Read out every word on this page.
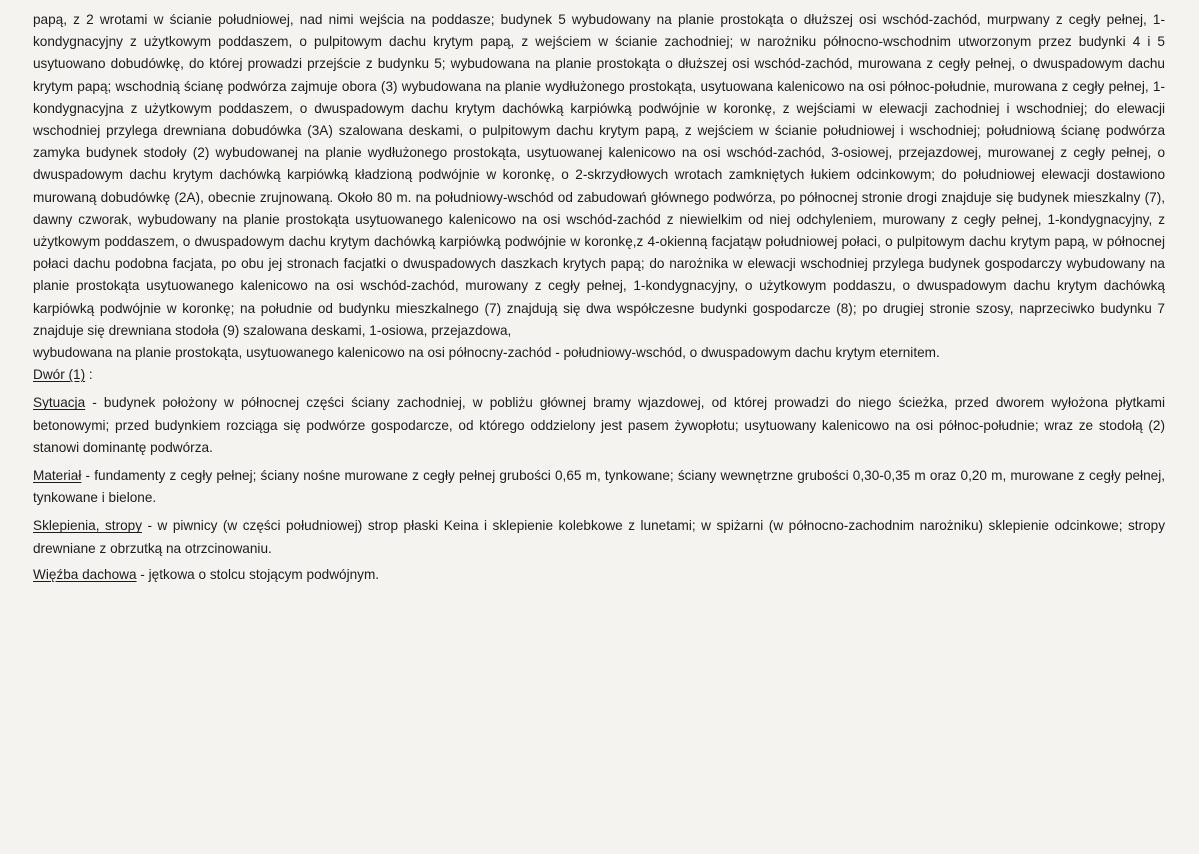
papą, z 2 wrotami w ścianie południowej, nad nimi wejścia na poddasze; budynek 5 wybudowany na planie prostokąta o dłuższej osi wschód-zachód, murpwany z cegły pełnej, 1-kondygnacyjny z użytkowym poddaszem, o pulpitowym dachu krytym papą, z wejściem w ścianie zachodniej; w narożniku północno-wschodnim utworzonym przez budynki 4 i 5 usytuowano dobudówkę, do której prowadzi przejście z budynku 5; wybudowana na planie prostokąta o dłuższej osi wschód-zachód, murowana z cegły pełnej, o dwuspadowym dachu krytym papą; wschodnią ścianę podwórza zajmuje obora (3) wybudowana na planie wydłużonego prostokąta, usytuowana kalenicowo na osi północ-południe, murowana z cegły pełnej, 1-kondygnacyjna z użytkowym poddaszem, o dwuspadowym dachu krytym dachówką karpiówką podwójnie w koronkę, z wejściami w elewacji zachodniej i wschodniej; do elewacji wschodniej przylega drewniana dobudówka (3A) szalowana deskami, o pulpitowym dachu krytym papą, z wejściem w ścianie południowej i wschodniej; południową ścianę podwórza zamyka budynek stodoły (2) wybudowanej na planie wydłużonego prostokąta, usytuowanej kalenicowo na osi wschód-zachód, 3-osiowej, przejazdowej, murowanej z cegły pełnej, o dwuspadowym dachu krytym dachówką karpiówką kładzioną podwójnie w koronkę, o 2-skrzydłowych wrotach zamkniętych łukiem odcinkowym; do południowej elewacji dostawiono murowaną dobudówkę (2A), obecnie zrujnowaną. Około 80 m. na południowy-wschód od zabudowań głównego podwórza, po północnej stronie drogi znajduje się budynek mieszkalny (7), dawny czworak, wybudowany na planie prostokąta usytuowanego kalenicowo na osi wschód-zachód z niewielkim od niej odchyleniem, murowany z cegły pełnej, 1-kondygnacyjny, z użytkowym poddaszem, o dwuspadowym dachu krytym dachówką karpiówką podwójnie w koronkę,z 4-okienną facjatąw południowej połaci, o pulpitowym dachu krytym papą, w północnej połaci dachu podobna facjata, po obu jej stronach facjatki o dwuspadowych daszkach krytych papą; do narożnika w elewacji wschodniej przylega budynek gospodarczy wybudowany na planie prostokąta usytuowanego kalenicowo na osi wschód-zachód, murowany z cegły pełnej, 1-kondygnacyjny, o użytkowym poddaszu, o dwuspadowym dachu krytym dachówką karpiówką podwójnie w koronkę; na południe od budynku mieszkalnego (7) znajdują się dwa współczesne budynki gospodarcze (8); po drugiej stronie szosy, naprzeciwko budynku 7 znajduje się drewniana stodoła (9) szalowana deskami, 1-osiowa, przejazdowa,
wybudowana na planie prostokąta, usytuowanego kalenicowo na osi północny-zachód - południowy-wschód, o dwuspadowym dachu krytym eternitem.

Dwór (1) :

Sytuacja - budynek położony w północnej części ściany zachodniej, w pobliżu głównej bramy wjazdowej, od której prowadzi do niego ścieżka, przed dworem wyłożona płytkami betonowymi; przed budynkiem rozciąga się podwórze gospodarcze, od którego oddzielony jest pasem żywopłotu; usytuowany kalenicowo na osi północ-południe; wraz ze stodołą (2) stanowi dominantę podwórza.

Materiał - fundamenty z cegły pełnej; ściany nośne murowane z cegły pełnej grubości 0,65 m, tynkowane; ściany wewnętrzne grubości 0,30-0,35 m oraz 0,20 m, murowane z cegły pełnej, tynkowane i bielone.

Sklepienia, stropy - w piwnicy (w części południowej) strop płaski Keina i sklepienie kolebkowe z lunetami; w spiżarni (w północno-zachodnim narożniku) sklepienie odcinkowe; stropy drewniane z obrzutką na otrzcinowaniu.

Więźba dachowa - jętkowa o stolcu stojącym podwójnym.
